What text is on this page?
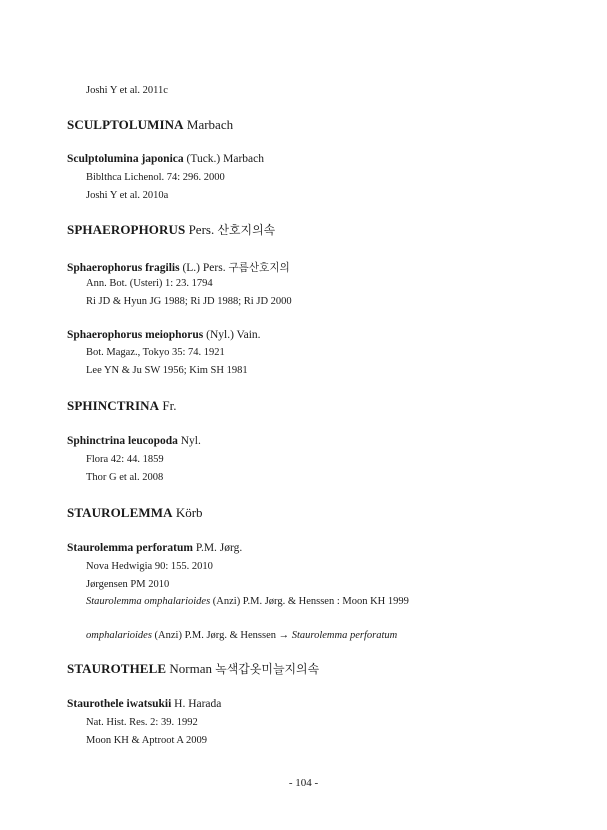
Joshi Y et al. 2011c
SCULPTOLUMINA Marbach
Sculptolumina japonica (Tuck.) Marbach
Biblthca Lichenol. 74: 296. 2000
Joshi Y et al. 2010a
SPHAEROPHORUS Pers. 산호지의속
Sphaerophorus fragilis (L.) Pers. 구름산호지의
Ann. Bot. (Usteri) 1: 23. 1794
Ri JD & Hyun JG 1988; Ri JD 1988; Ri JD 2000
Sphaerophorus meiophorus (Nyl.) Vain.
Bot. Magaz., Tokyo 35: 74. 1921
Lee YN & Ju SW 1956; Kim SH 1981
SPHINCTRINA Fr.
Sphinctrina leucopoda Nyl.
Flora 42: 44. 1859
Thor G et al. 2008
STAUROLEMMA Körb
Staurolemma perforatum P.M. Jørg.
Nova Hedwigia 90: 155. 2010
Jørgensen PM 2010
Staurolemma omphalarioides (Anzi) P.M. Jørg. & Henssen : Moon KH 1999
omphalarioides (Anzi) P.M. Jørg. & Henssen → Staurolemma perforatum
STAUROTHELE Norman 녹색갑옷미늘지의속
Staurothele iwatsukii H. Harada
Nat. Hist. Res. 2: 39. 1992
Moon KH & Aptroot A 2009
- 104 -
